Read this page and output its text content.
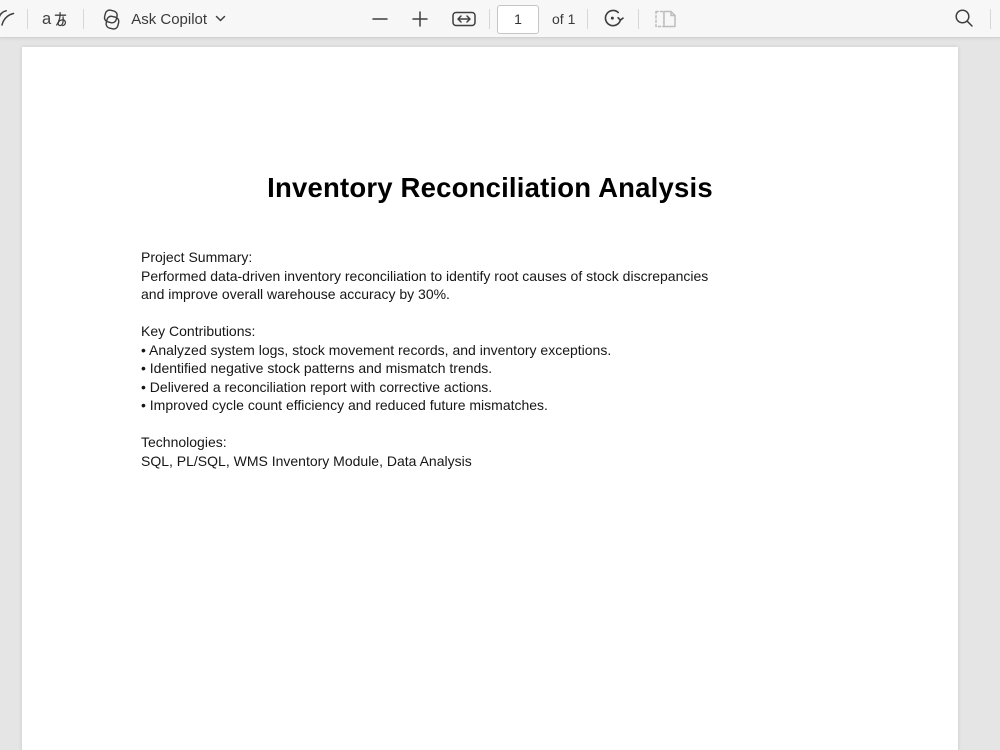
a	Ask Copilot
1	of 1
Inventory Reconciliation Analysis
Project Summary:
Performed data-driven inventory reconciliation to identify root causes of stock discrepancies
and improve overall warehouse accuracy by 30%.
Key Contributions:
• Analyzed system logs, stock movement records, and inventory exceptions.
• Identified negative stock patterns and mismatch trends.
• Delivered a reconciliation report with corrective actions.
• Improved cycle count efficiency and reduced future mismatches.
Technologies:
SQL, PL/SQL, WMS Inventory Module, Data Analysis
